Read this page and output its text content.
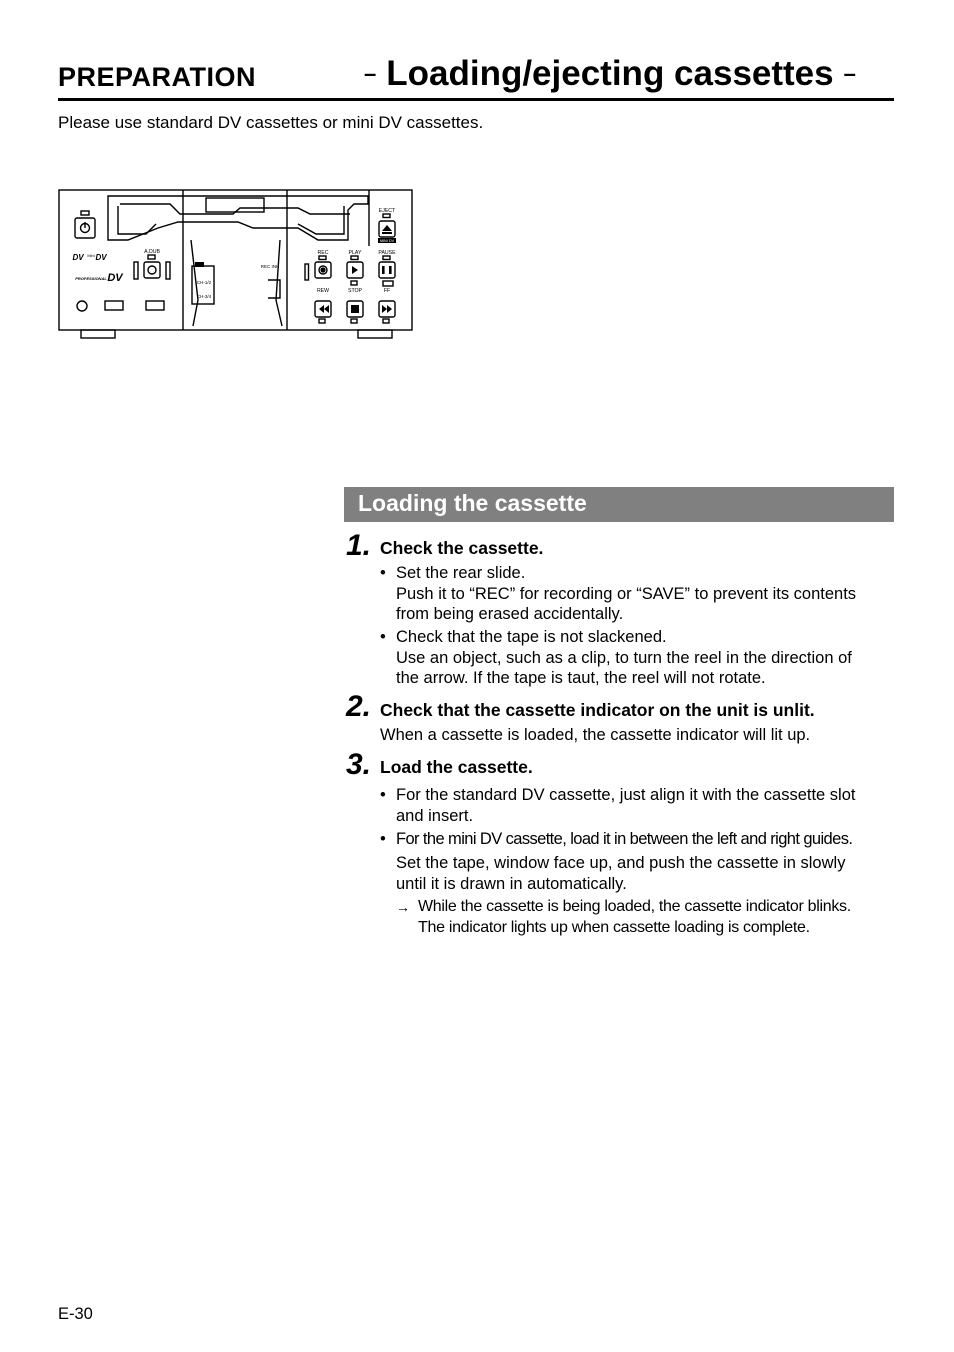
PREPARATION	– Loading/ejecting cassettes –
Please use standard DV cassettes or mini DV cassettes.
EJECT
MINI DV
A.DUB	REC	PLAY	PAUSE
REW	STOP	FF
CH-1/2
CH-3/4
REC INH
DV Mini DV
PROFESSIONAL DV
Loading the cassette
1. Check the cassette.
• Set the rear slide.
Push it to “REC” for recording or “SAVE” to prevent its contents
from being erased accidentally.
• Check that the tape is not slackened.
Use an object, such as a clip, to turn the reel in the direction of
the arrow. If the tape is taut, the reel will not rotate.
2. Check that the cassette indicator on the unit is unlit.
When a cassette is loaded, the cassette indicator will lit up.
3. Load the cassette.
• For the standard DV cassette, just align it with the cassette slot
and insert.
• For the mini DV cassette, load it in between the left and right guides.
Set the tape, window face up, and push the cassette in slowly
until it is drawn in automatically.
→ While the cassette is being loaded, the cassette indicator blinks.
The indicator lights up when cassette loading is complete.
E-30
